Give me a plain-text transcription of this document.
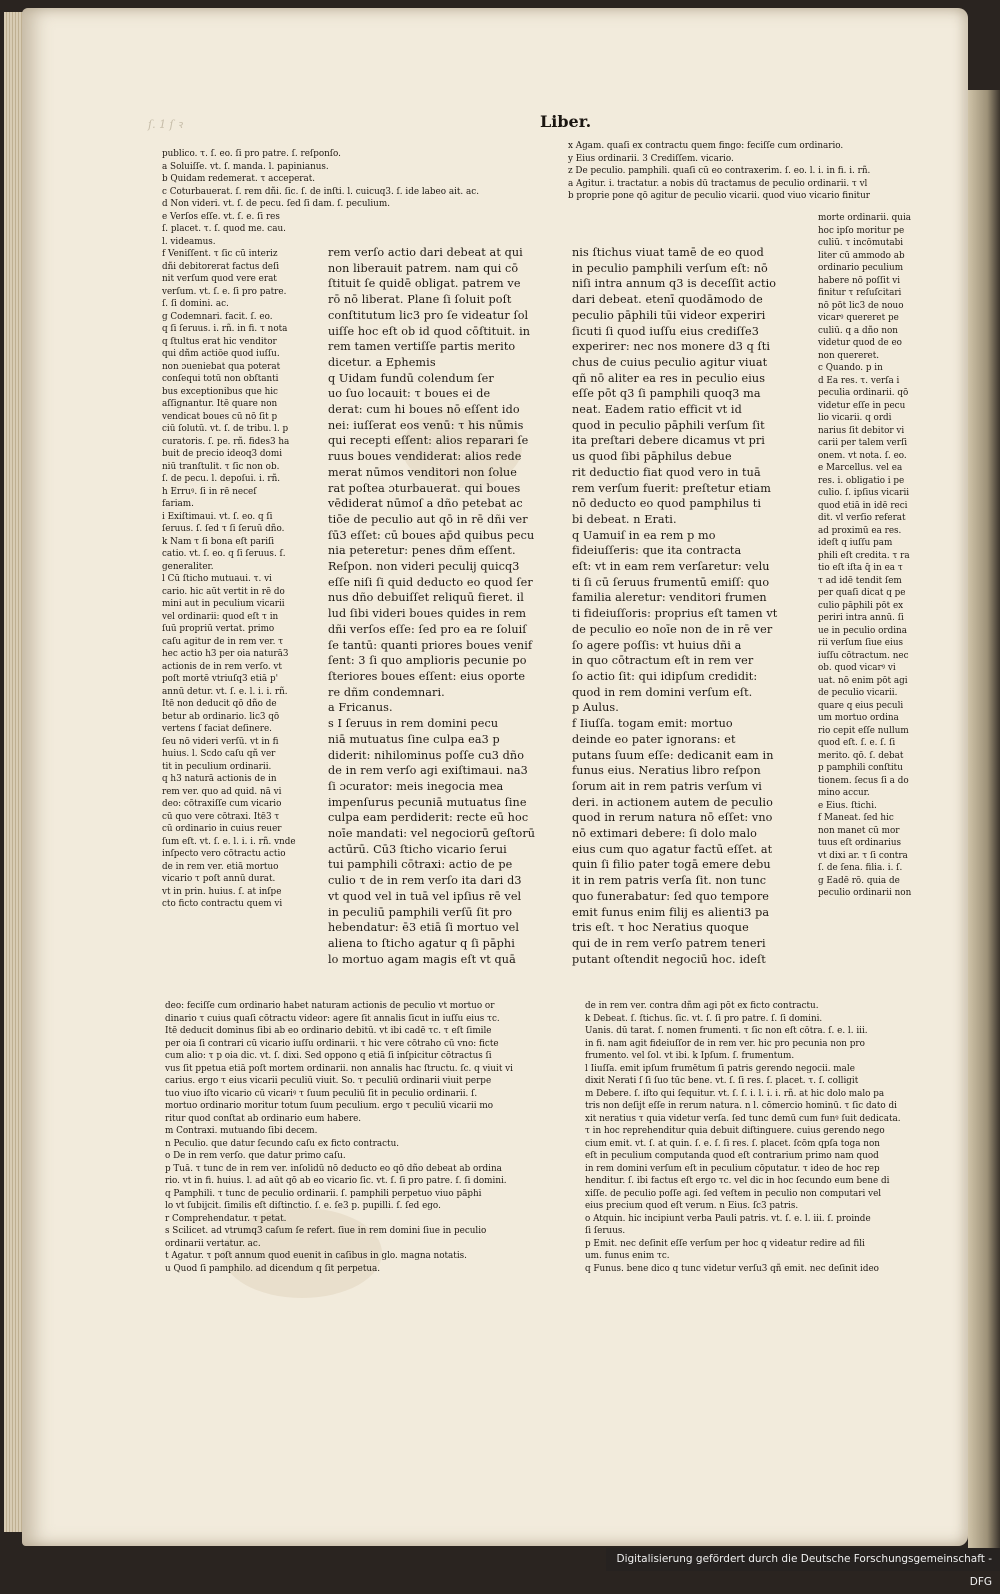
ſ. 1 ſ ꝛ	Liber.
x Agam. quaſi ex contractu quem fingo: feciſſe cum ordinario.
y Eius ordinarii. 3 Crediſſem. vicario.
z De peculio. pamphili. quaſi cū eo contraxerim. ſ. eo. l. i. in fi. i. rñ.
a Agitur. i. tractatur. a nobis dū tractamus de peculio ordinarii. τ vl
b proprie pone qō agitur de peculio vicarii. quod viuo vicario finitur
publico. τ. ſ. eo. ſi pro patre. ſ. reſponſo.
a Soluiſſe. vt. ſ. manda. l. papinianus.
b Quidam redemerat. τ acceperat.
c Coturbauerat. ſ. rem dñi. ſic. ſ. de inſti. l. cuicuq3. ſ. ide labeo ait. ac.
d Non videri. vt. ſ. de pecu. ſed ſi dam. ſ. peculium.
e Verſos eſſe. vt. ſ. e. ſi res
ſ. placet. τ. ſ. quod me. cau.
l. videamus.
f Veniſſent. τ ſic cū interiz
dñi debitorerat factus deſi
nit verſum quod vere erat
verſum. vt. ſ. e. ſi pro patre.
ſ. ſi domini. ac.
g Codemnari. facit. ſ. eo.
q ſi ſeruus. i. rñ. in fi. τ nota
q ſtultus erat hic venditor
qui dñm actiōe quod iuſſu.
non ɔueniebat qua poterat
conſequi totū non obſtanti
bus exceptionibus que hic
aſſignantur. Itē quare non
vendicat boues cū nō ſit p
ciū ſolutū. vt. ſ. de tribu. l. p
curatoris. ſ. pe. rñ. fides3 ha
buit de precio ideoq3 domi
niū tranſtulit. τ ſic non ob.
ſ. de pecu. l. depoſui. i. rñ.
h Erruꝰ. ſi in rē neceſ
fariam.
i Exiſtimaui. vt. ſ. eo. q ſi
ſeruus. ſ. ſed τ ſi ſeruū dño.
k Nam τ ſi bona eſt pariſi
catio. vt. ſ. eo. q ſi ſeruus. ſ.
generaliter.
l Cū ſticho mutuaui. τ. vi
cario. hic aūt vertit in rē do
mini aut in peculium vicarii
vel ordinarii: quod eſt τ in
ſuū propriū vertat. primo
caſu agitur de in rem ver. τ
hec actio h3 per oia naturā3
actionis de in rem verſo. vt
poſt mortē vtriuſq3 etiā p'
annū detur. vt. ſ. e. l. i. i. rñ.
Itē non deducit qō dño de
betur ab ordinario. lic3 qō
vertens ſ faciat deſinere.
ſeu nō videri verſū. vt in fi
huius. l. Scdo caſu qñ ver
tit in peculium ordinarii.
q h3 naturā actionis de in
rem ver. quo ad quid. nā vi
deo: cōtraxiſſe cum vicario
cū quo vere cōtraxi. Itē3 τ
cū ordinario in cuius reuer
ſum eſt. vt. ſ. e. l. i. i. rñ. vnde
inſpecto vero cōtractu actio
de in rem ver. etiā mortuo
vicario τ poſt annū durat.
vt in prin. huius. ſ. at inſpe
cto ficto contractu quem vi
rem verſo actio dari debeat at qui
non liberauit patrem. nam qui cō
ſtituit ſe quidē obligat. patrem ve
rō nō liberat. Plane ſi ſoluit poſt
conſtitutum lic3 pro ſe videatur ſol
uiſſe hoc eſt ob id quod cōſtituit. in
rem tamen vertiſſe partis merito
dicetur. a Ephemis
q Uidam fundū colendum ſer
uo ſuo locauit: τ boues ei de
derat: cum hi boues nō eſſent ido
nei: iuſſerat eos venū: τ his nūmis
qui recepti eſſent: alios reparari ſe
ruus boues vendiderat: alios rede
merat nūmos venditori non ſolue
rat poſtea ɔturbauerat. qui boues
vēdiderat nūmoſ a dño petebat ac
tiōe de peculio aut qō in rē dñi ver
ſū3 eſſet: cū boues ap̄d quibus pecu
nia peteretur: penes dñm eſſent.
Reſpon. non videri peculij quicq3
eſſe niſi ſi quid deducto eo quod ſer
nus dño debuiſſet reliquū fieret. il
lud ſibi videri boues quides in rem
dñi verſos eſſe: ſed pro ea re ſoluiſ
ſe tantū: quanti priores boues venif
ſent: 3 ſi quo amplioris pecunie po
ſteriores boues eſſent: eius oporte
re dñm condemnari.
a Fricanus.
s I ſeruus in rem domini pecu
niā mutuatus ſine culpa ea3 p
diderit: nihilominus poſſe cu3 dño
de in rem verſo agi exiſtimaui. na3
ſi ɔcurator: meis inegocia mea
impenſurus pecuniā mutuatus ſine
culpa eam perdiderit: recte eū hoc
noīe mandati: vel negociorū geſtorū
actūrū. Cū3 ſticho vicario ſerui
tui pamphili cōtraxi: actio de pe
culio τ de in rem verſo ita dari d3
vt quod vel in tuā vel ipſius rē vel
in peculiū pamphili verſū ſit pro
hebendatur: ē3 etiā ſi mortuo vel
aliena to ſticho agatur q ſi pāphi
lo mortuo agam magis eſt vt quā
nis ſtichus viuat tamē de eo quod
in peculio pamphili verſum eſt: nō
niſi intra annum q3 is deceſſit actio
dari debeat. etenī quodāmodo de
peculio pāphili tūi videor experiri
ſicuti ſi quod iuſſu eius crediſſe3
experirer: nec nos monere d3 q ſti
chus de cuius peculio agitur viuat
qñ nō aliter ea res in peculio eius
eſſe pōt q3 ſi pamphili quoq3 ma
neat. Eadem ratio efficit vt id
quod in peculio pāphili verſum ſit
ita preſtari debere dicamus vt pri
us quod ſibi pāphilus debue
rit deductio fiat quod vero in tuā
rem verſum fuerit: preſtetur etiam
nō deducto eo quod pamphilus ti
bi debeat. n Erati.
q Uamuiſ in ea rem p mo
fideiuſſeris: que ita contracta
eſt: vt in eam rem verſaretur: velu
ti ſi cū ſeruus frumentū emiſſ: quo
familia aleretur: venditori frumen
ti fideiuſſoris: proprius eſt tamen vt
de peculio eo noīe non de in rē ver
ſo agere poſſis: vt huius dñi a
in quo cōtractum eſt in rem ver
ſo actio ſit: qui idipſum credidit:
quod in rem domini verſum eſt.
p Aulus.
f Iiuſſa. togam emit: mortuo
deinde eo pater ignorans: et
putans ſuum eſſe: dedicanit eam in
funus eius. Neratius libro reſpon
ſorum ait in rem patris verſum vi
deri. in actionem autem de peculio
quod in rerum natura nō eſſet: vno
nō extimari debere: ſi dolo malo
eius cum quo agatur factū eſſet. at
quin ſi filio pater togā emere debu
it in rem patris verſa ſit. non tunc
quo funerabatur: ſed quo tempore
emit funus enim filij es alienti3 pa
tris eſt. τ hoc Neratius quoque
qui de in rem verſo patrem teneri
putant oſtendit negociū hoc. ideſt
morte ordinarii. quia
hoc ipſo moritur pe
culiū. τ incōmutabi
liter cū ammodo ab
ordinario peculium
habere nō poſſit vi
finitur τ reſuſcitari
nō pōt lic3 de nouo
vicarꝰ quereret pe
culiū. q a dño non
videtur quod de eo
non quereret.
c Quando. p in
d Ea res. τ. verſa i
peculia ordinarii. qō
videtur eſſe in pecu
lio vicarii. q ordi
narius ſit debitor vi
carii per talem verſi
onem. vt nota. ſ. eo.
e Marcellus. vel ea
res. i. obligatio i pe
culio. ſ. ipſius vicarii
quod etiā in idē reci
dit. vl verſio referat
ad proximū ea res.
ideſt q iuſſu pam
phili eſt credita. τ ra
tio eſt iſta q̄ in ea τ
τ ad idē tendit ſem
per quaſi dicat q pe
culio pāphili pōt ex
periri intra annū. ſi
ue in peculio ordina
rii verſum ſiue eius
iuſſu cōtractum. nec
ob. quod vicarꝰ vi
uat. nō enim pōt agi
de peculio vicarii.
quare q eius peculi
um mortuo ordina
rio cepit eſſe nullum
quod eſt. ſ. e. ſ. ſi
merito. qō. ſ. debat
p pamphili conſtitu
tionem. ſecus ſi a do
mino accur.
e Eius. ſtichi.
f Maneat. ſed hic
non manet cū mor
tuus eſt ordinarius
vt dixi ar. τ ſi contra
ſ. de ſena. filia. i. ſ.
g Eadē rō. quia de
peculio ordinarii non
deo: feciſſe cum ordinario habet naturam actionis de peculio vt mortuo or
dinario τ cuius quaſi cōtractu videor: agere ſit annalis ſicut in iuſſu eius τc.
Itē deducit dominus ſibi ab eo ordinario debitū. vt ibi cadē τc. τ eſt ſimile
per oia ſi contrari cū vicario iuſſu ordinarii. τ hic vere cōtraho cū vno: ficte
cum alio: τ p oia dic. vt. ſ. dixi. Sed oppono q etiā ſi inſpicitur cōtractus ſi
vus ſit ppetua etiā poſt mortem ordinarii. non annalis hac ſtructu. ſc. q viuit vi
carius. ergo τ eius vicarii peculiū viuit. So. τ peculiū ordinarii viuit perpe
tuo viuo iſto vicario cū vicariꝰ τ ſuum peculiū ſit in peculio ordinarii. ſ.
mortuo ordinario moritur totum ſuum peculium. ergo τ peculiū vicarii mo
ritur quod conſtat ab ordinario eum habere.
m Contraxi. mutuando ſibi decem.
n Peculio. que datur ſecundo caſu ex ficto contractu.
o De in rem verſo. que datur primo caſu.
p Tuā. τ tunc de in rem ver. inſolidū nō deducto eo qō dño debeat ab ordina
rio. vt in fi. huius. l. ad aūt qō ab eo vicario ſic. vt. ſ. ſi pro patre. ſ. ſi domini.
q Pamphili. τ tunc de peculio ordinarii. ſ. pamphili perpetuo viuo pāphi
lo vt ſubijcit. ſimilis eſt diſtinctio. ſ. e. ſe3 p. pupilli. ſ. ſed ego.
r Comprehendatur. τ petat.
s Scilicet. ad vtrumq3 caſum ſe refert. ſiue in rem domini ſiue in peculio
ordinarii vertatur. ac.
t Agatur. τ poſt annum quod euenit in caſibus in glo. magna notatis.
u Quod ſi pamphilo. ad dicendum q ſit perpetua.
de in rem ver. contra dñm agi pōt ex ficto contractu.
k Debeat. ſ. ſtichus. ſic. vt. ſ. ſi pro patre. ſ. ſi domini.
Uanis. dū tarat. ſ. nomen frumenti. τ ſic non eſt cōtra. ſ. e. l. iii.
in fi. nam agit fideiuſſor de in rem ver. hic pro pecunia non pro
frumento. vel ſol. vt ibi. k Ipſum. ſ. frumentum.
l Iiuſſa. emit ipſum frumētum ſi patris gerendo negocii. male
dixit Nerati ſ ſi ſuo tūc bene. vt. ſ. ſi res. ſ. placet. τ. ſ. colligit
m Debere. ſ. iſto qui ſequitur. vt. ſ. ſ. i. l. i. i. rñ. at hic dolo malo pa
tris non deſijt eſſe in rerum natura. n l. cōmercio hominū. τ ſic dato di
xit neratius τ quia videtur verſa. ſed tunc demū cum funꝰ ſuit dedicata.
τ in hoc reprehenditur quia debuit diſtinguere. cuius gerendo nego
cium emit. vt. ſ. at quin. ſ. e. ſ. ſi res. ſ. placet. ſcōm qpſa toga non
eſt in peculium computanda quod eſt contrarium primo nam quod
in rem domini verſum eſt in peculium cōputatur. τ ideo de hoc rep
henditur. ſ. ibi factus eſt ergo τc. vel dic in hoc ſecundo eum bene di
xiſſe. de peculio poſſe agi. ſed veſtem in peculio non computari vel
eius precium quod eſt verum. n Eius. ſc3 patris.
o Atquin. hic incipiunt verba Pauli patris. vt. ſ. e. l. iii. ſ. proinde
ſi ſeruus.
p Emit. nec deſinit eſſe verſum per hoc q videatur redire ad fili
um. funus enim τc.
q Funus. bene dico q tunc videtur verſu3 qñ emit. nec deſinit ideo
Digitalisierung gefördert durch die Deutsche Forschungsgemeinschaft - DFG
